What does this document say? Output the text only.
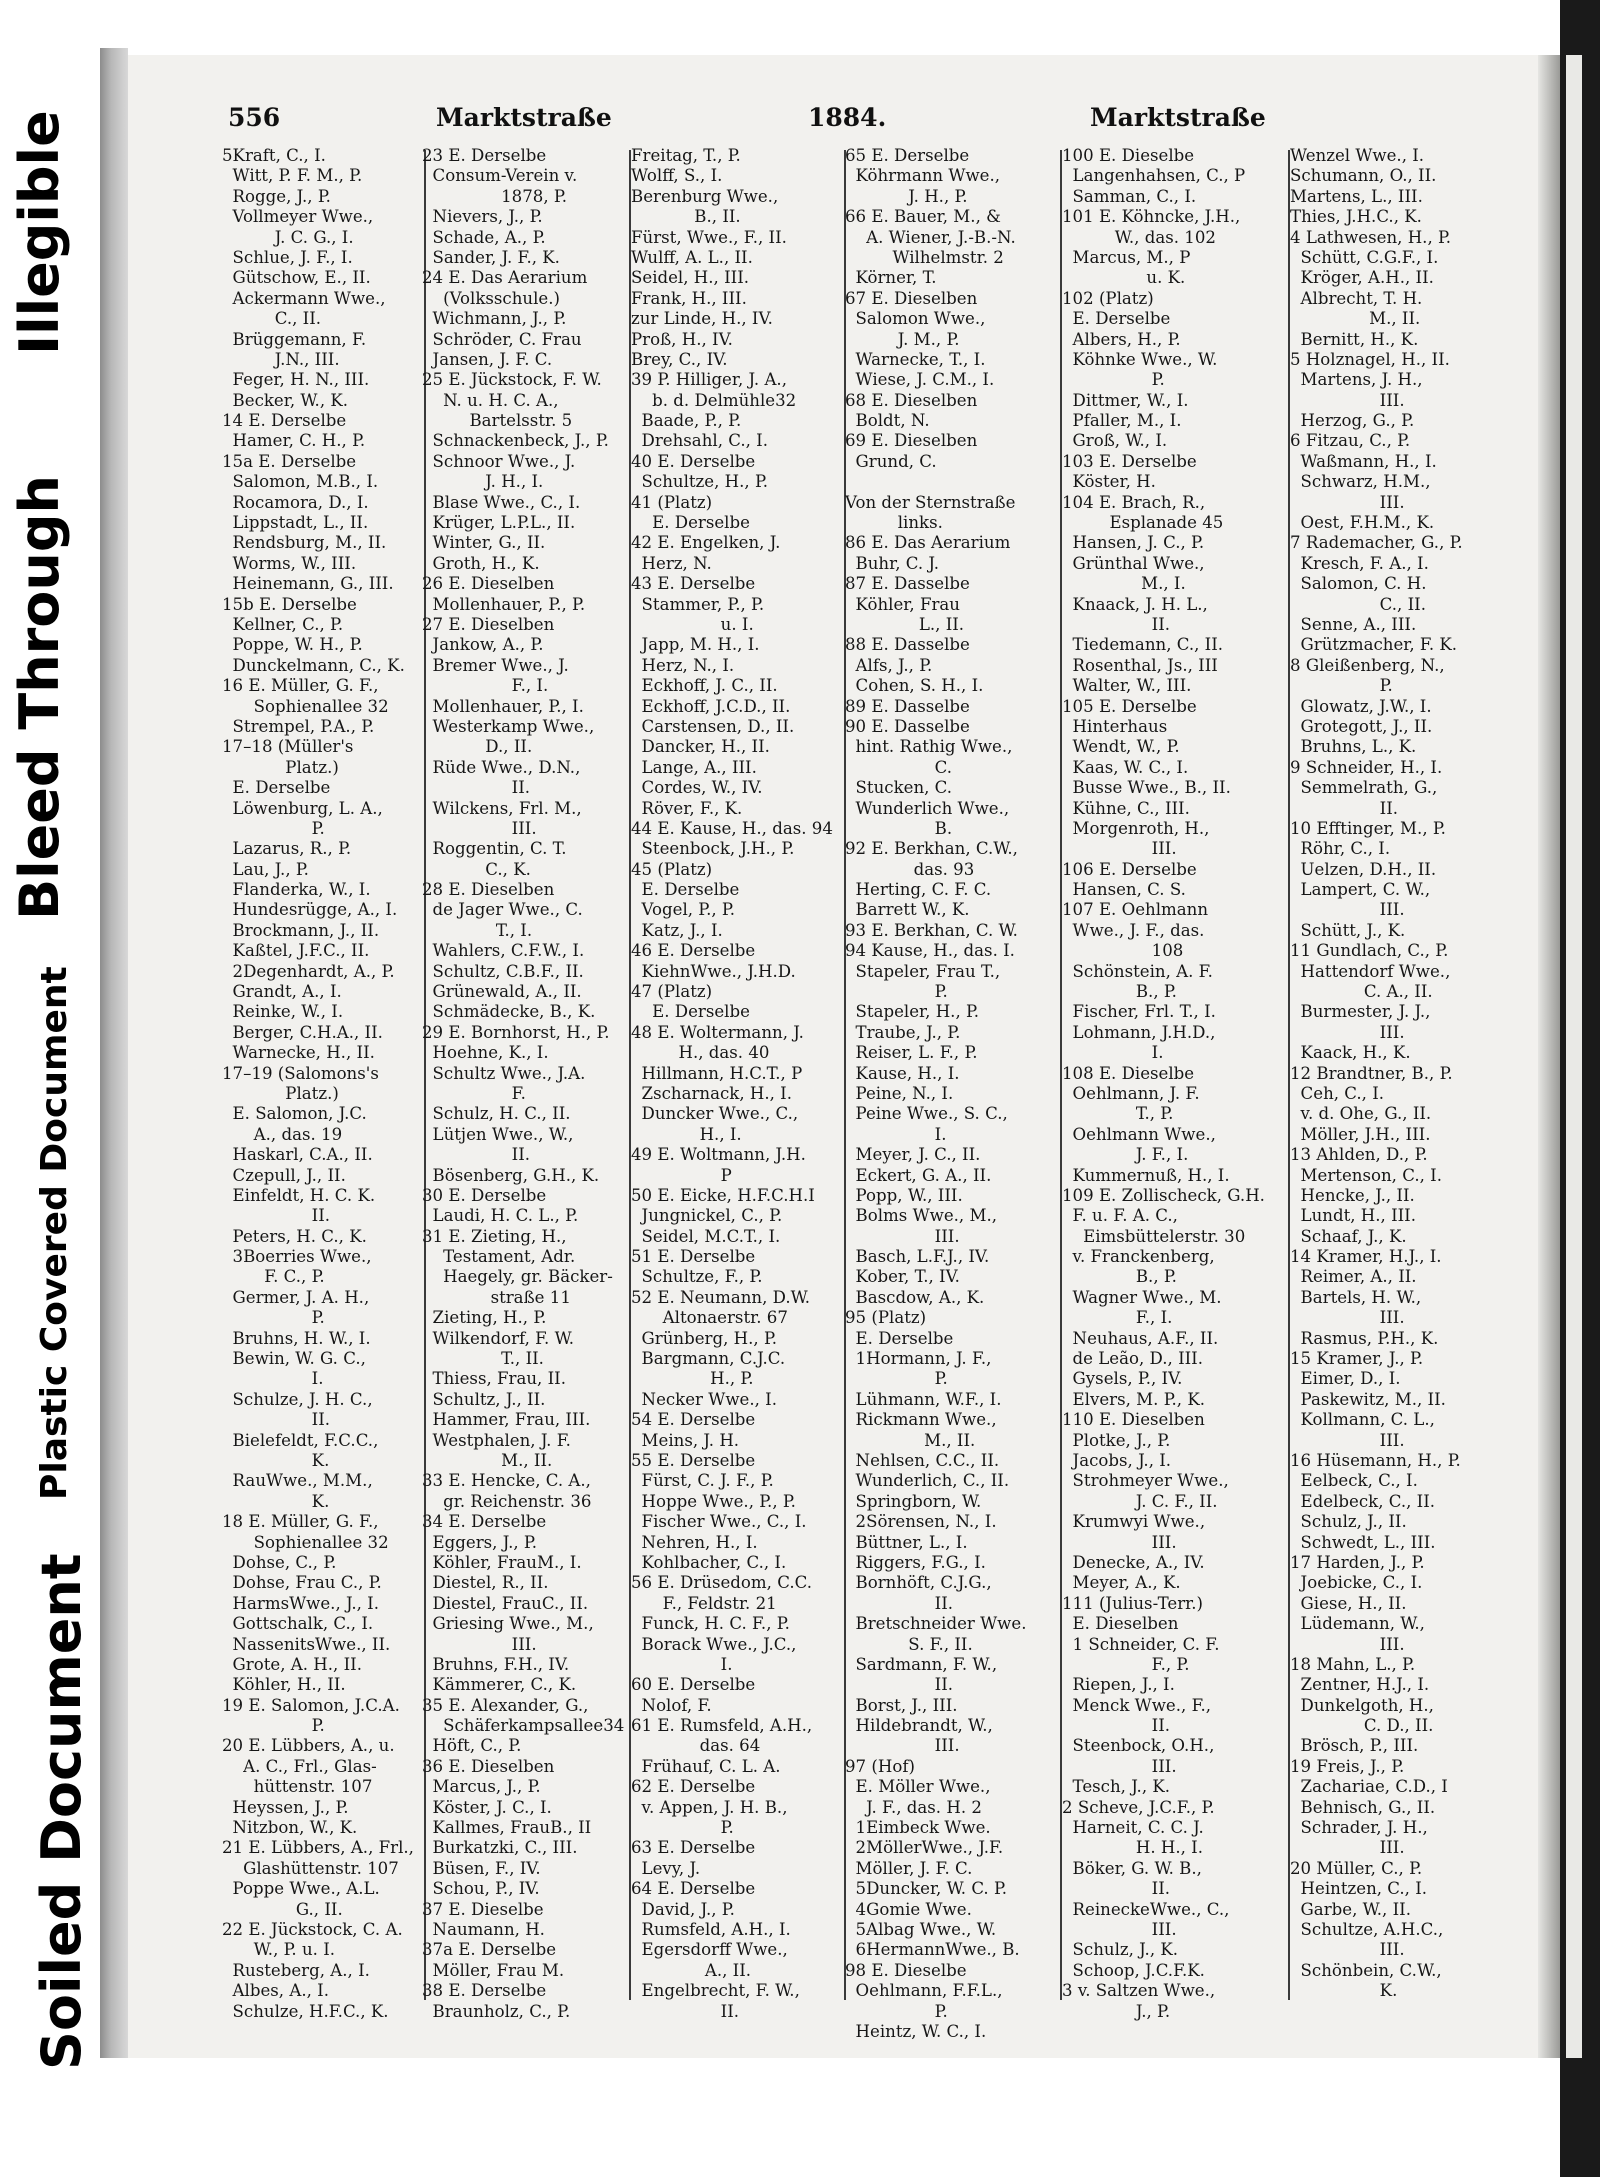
Illegible
Bleed Through
Plastic Covered Document
Soiled Document
556	Marktstraße	1884.	Marktstraße
5Kraft, C., I.
Witt, P. F. M., P.
Rogge, J., P.
Vollmeyer Wwe.,
J. C. G., I.
Schlue, J. F., I.
Gütschow, E., II.
Ackermann Wwe.,
C., II.
Brüggemann, F.
J.N., III.
Feger, H. N., III.
Becker, W., K.
14 E. Derselbe
Hamer, C. H., P.
15a E. Derselbe
Salomon, M.B., I.
Rocamora, D., I.
Lippstadt, L., II.
Rendsburg, M., II.
Worms, W., III.
Heinemann, G., III.
15b E. Derselbe
Kellner, C., P.
Poppe, W. H., P.
Dunckelmann, C., K.
16 E. Müller, G. F.,
Sophienallee 32
Strempel, P.A., P.
17–18 (Müller's
Platz.)
E. Derselbe
Löwenburg, L. A.,
P.
Lazarus, R., P.
Lau, J., P.
Flanderka, W., I.
Hundesrügge, A., I.
Brockmann, J., II.
Kaßtel, J.F.C., II.
2Degenhardt, A., P.
Grandt, A., I.
Reinke, W., I.
Berger, C.H.A., II.
Warnecke, H., II.
17–19 (Salomons's
Platz.)
E. Salomon, J.C.
A., das. 19
Haskarl, C.A., II.
Czepull, J., II.
Einfeldt, H. C. K.
II.
Peters, H. C., K.
3Boerries Wwe.,
F. C., P.
Germer, J. A. H.,
P.
Bruhns, H. W., I.
Bewin, W. G. C.,
I.
Schulze, J. H. C.,
II.
Bielefeldt, F.C.C.,
K.
RauWwe., M.M.,
K.
18 E. Müller, G. F.,
Sophienallee 32
Dohse, C., P.
Dohse, Frau C., P.
HarmsWwe., J., I.
Gottschalk, C., I.
NassenitsWwe., II.
Grote, A. H., II.
Köhler, H., II.
19 E. Salomon, J.C.A.
P.
20 E. Lübbers, A., u.
A. C., Frl., Glas-
hüttenstr. 107
Heyssen, J., P.
Nitzbon, W., K.
21 E. Lübbers, A., Frl.,
Glashüttenstr. 107
Poppe Wwe., A.L.
G., II.
22 E. Jückstock, C. A.
W., P. u. I.
Rusteberg, A., I.
Albes, A., I.
Schulze, H.F.C., K.
23 E. Derselbe
Consum-Verein v.
1878, P.
Nievers, J., P.
Schade, A., P.
Sander, J. F., K.
24 E. Das Aerarium
(Volksschule.)
Wichmann, J., P.
Schröder, C. Frau
Jansen, J. F. C.
25 E. Jückstock, F. W.
N. u. H. C. A.,
Bartelsstr. 5
Schnackenbeck, J., P.
Schnoor Wwe., J.
J. H., I.
Blase Wwe., C., I.
Krüger, L.P.L., II.
Winter, G., II.
Groth, H., K.
26 E. Dieselben
Mollenhauer, P., P.
27 E. Dieselben
Jankow, A., P.
Bremer Wwe., J.
F., I.
Mollenhauer, P., I.
Westerkamp Wwe.,
D., II.
Rüde Wwe., D.N.,
II.
Wilckens, Frl. M.,
III.
Roggentin, C. T.
C., K.
28 E. Dieselben
de Jager Wwe., C.
T., I.
Wahlers, C.F.W., I.
Schultz, C.B.F., II.
Grünewald, A., II.
Schmädecke, B., K.
29 E. Bornhorst, H., P.
Hoehne, K., I.
Schultz Wwe., J.A.
F.
Schulz, H. C., II.
Lütjen Wwe., W.,
II.
Bösenberg, G.H., K.
30 E. Derselbe
Laudi, H. C. L., P.
31 E. Zieting, H.,
Testament, Adr.
Haegely, gr. Bäcker-
straße 11
Zieting, H., P.
Wilkendorf, F. W.
T., II.
Thiess, Frau, II.
Schultz, J., II.
Hammer, Frau, III.
Westphalen, J. F.
M., II.
33 E. Hencke, C. A.,
gr. Reichenstr. 36
34 E. Derselbe
Eggers, J., P.
Köhler, FrauM., I.
Diestel, R., II.
Diestel, FrauC., II.
Griesing Wwe., M.,
III.
Bruhns, F.H., IV.
Kämmerer, C., K.
35 E. Alexander, G.,
Schäferkampsallee34
Höft, C., P.
36 E. Dieselben
Marcus, J., P.
Köster, J. C., I.
Kallmes, FrauB., II
Burkatzki, C., III.
Büsen, F., IV.
Schou, P., IV.
37 E. Dieselbe
Naumann, H.
37a E. Derselbe
Möller, Frau M.
38 E. Derselbe
Braunholz, C., P.
Freitag, T., P.
Wolff, S., I.
Berenburg Wwe.,
B., II.
Fürst, Wwe., F., II.
Wulff, A. L., II.
Seidel, H., III.
Frank, H., III.
zur Linde, H., IV.
Proß, H., IV.
Brey, C., IV.
39 P. Hilliger, J. A.,
b. d. Delmühle32
Baade, P., P.
Drehsahl, C., I.
40 E. Derselbe
Schultze, H., P.
41 (Platz)
E. Derselbe
42 E. Engelken, J.
Herz, N.
43 E. Derselbe
Stammer, P., P.
u. I.
Japp, M. H., I.
Herz, N., I.
Eckhoff, J. C., II.
Eckhoff, J.C.D., II.
Carstensen, D., II.
Dancker, H., II.
Lange, A., III.
Cordes, W., IV.
Röver, F., K.
44 E. Kause, H., das. 94
Steenbock, J.H., P.
45 (Platz)
E. Derselbe
Vogel, P., P.
Katz, J., I.
46 E. Derselbe
KiehnWwe., J.H.D.
47 (Platz)
E. Derselbe
48 E. Woltermann, J.
H., das. 40
Hillmann, H.C.T., P
Zscharnack, H., I.
Duncker Wwe., C.,
H., I.
49 E. Woltmann, J.H.
P
50 E. Eicke, H.F.C.H.I
Jungnickel, C., P.
Seidel, M.C.T., I.
51 E. Derselbe
Schultze, F., P.
52 E. Neumann, D.W.
Altonaerstr. 67
Grünberg, H., P.
Bargmann, C.J.C.
H., P.
Necker Wwe., I.
54 E. Derselbe
Meins, J. H.
55 E. Derselbe
Fürst, C. J. F., P.
Hoppe Wwe., P., P.
Fischer Wwe., C., I.
Nehren, H., I.
Kohlbacher, C., I.
56 E. Drüsedom, C.C.
F., Feldstr. 21
Funck, H. C. F., P.
Borack Wwe., J.C.,
I.
60 E. Derselbe
Nolof, F.
61 E. Rumsfeld, A.H.,
das. 64
Frühauf, C. L. A.
62 E. Derselbe
v. Appen, J. H. B.,
P.
63 E. Derselbe
Levy, J.
64 E. Derselbe
David, J., P.
Rumsfeld, A.H., I.
Egersdorff Wwe.,
A., II.
Engelbrecht, F. W.,
II.
65 E. Derselbe
Köhrmann Wwe.,
J. H., P.
66 E. Bauer, M., &
A. Wiener, J.-B.-N.
Wilhelmstr. 2
Körner, T.
67 E. Dieselben
Salomon Wwe.,
J. M., P.
Warnecke, T., I.
Wiese, J. C.M., I.
68 E. Dieselben
Boldt, N.
69 E. Dieselben
Grund, C.
Von der Sternstraße
links.
86 E. Das Aerarium
Buhr, C. J.
87 E. Dasselbe
Köhler, Frau
L., II.
88 E. Dasselbe
Alfs, J., P.
Cohen, S. H., I.
89 E. Dasselbe
90 E. Dasselbe
hint. Rathig Wwe.,
C.
Stucken, C.
Wunderlich Wwe.,
B.
92 E. Berkhan, C.W.,
das. 93
Herting, C. F. C.
Barrett W., K.
93 E. Berkhan, C. W.
94 Kause, H., das. I.
Stapeler, Frau T.,
P.
Stapeler, H., P.
Traube, J., P.
Reiser, L. F., P.
Kause, H., I.
Peine, N., I.
Peine Wwe., S. C.,
I.
Meyer, J. C., II.
Eckert, G. A., II.
Popp, W., III.
Bolms Wwe., M.,
III.
Basch, L.F.J., IV.
Kober, T., IV.
Bascdow, A., K.
95 (Platz)
E. Derselbe
1Hormann, J. F.,
P.
Lühmann, W.F., I.
Rickmann Wwe.,
M., II.
Nehlsen, C.C., II.
Wunderlich, C., II.
Springborn, W.
2Sörensen, N., I.
Büttner, L., I.
Riggers, F.G., I.
Bornhöft, C.J.G.,
II.
Bretschneider Wwe.
S. F., II.
Sardmann, F. W.,
II.
Borst, J., III.
Hildebrandt, W.,
III.
97 (Hof)
E. Möller Wwe.,
J. F., das. H. 2
1Eimbeck Wwe.
2MöllerWwe., J.F.
Möller, J. F. C.
5Duncker, W. C. P.
4Gomie Wwe.
5Albag Wwe., W.
6HermannWwe., B.
98 E. Dieselbe
Oehlmann, F.F.L.,
P.
Heintz, W. C., I.
100 E. Dieselbe
Langenhahsen, C., P
Samman, C., I.
101 E. Köhncke, J.H.,
W., das. 102
Marcus, M., P
u. K.
102 (Platz)
E. Derselbe
Albers, H., P.
Köhnke Wwe., W.
P.
Dittmer, W., I.
Pfaller, M., I.
Groß, W., I.
103 E. Derselbe
Köster, H.
104 E. Brach, R.,
Esplanade 45
Hansen, J. C., P.
Grünthal Wwe.,
M., I.
Knaack, J. H. L.,
II.
Tiedemann, C., II.
Rosenthal, Js., III
Walter, W., III.
105 E. Derselbe
Hinterhaus
Wendt, W., P.
Kaas, W. C., I.
Busse Wwe., B., II.
Kühne, C., III.
Morgenroth, H.,
III.
106 E. Derselbe
Hansen, C. S.
107 E. Oehlmann
Wwe., J. F., das.
108
Schönstein, A. F.
B., P.
Fischer, Frl. T., I.
Lohmann, J.H.D.,
I.
108 E. Dieselbe
Oehlmann, J. F.
T., P.
Oehlmann Wwe.,
J. F., I.
Kummernuß, H., I.
109 E. Zollischeck, G.H.
F. u. F. A. C.,
Eimsbüttelerstr. 30
v. Franckenberg,
B., P.
Wagner Wwe., M.
F., I.
Neuhaus, A.F., II.
de Leão, D., III.
Gysels, P., IV.
Elvers, M. P., K.
110 E. Dieselben
Plotke, J., P.
Jacobs, J., I.
Strohmeyer Wwe.,
J. C. F., II.
Krumwyi Wwe.,
III.
Denecke, A., IV.
Meyer, A., K.
111 (Julius-Terr.)
E. Dieselben
1 Schneider, C. F.
F., P.
Riepen, J., I.
Menck Wwe., F.,
II.
Steenbock, O.H.,
III.
Tesch, J., K.
2 Scheve, J.C.F., P.
Harneit, C. C. J.
H. H., I.
Böker, G. W. B.,
II.
ReineckeWwe., C.,
III.
Schulz, J., K.
Schoop, J.C.F.K.
3 v. Saltzen Wwe.,
J., P.
Wenzel Wwe., I.
Schumann, O., II.
Martens, L., III.
Thies, J.H.C., K.
4 Lathwesen, H., P.
Schütt, C.G.F., I.
Kröger, A.H., II.
Albrecht, T. H.
M., II.
Bernitt, H., K.
5 Holznagel, H., II.
Martens, J. H.,
III.
Herzog, G., P.
6 Fitzau, C., P.
Waßmann, H., I.
Schwarz, H.M.,
III.
Oest, F.H.M., K.
7 Rademacher, G., P.
Kresch, F. A., I.
Salomon, C. H.
C., II.
Senne, A., III.
Grützmacher, F. K.
8 Gleißenberg, N.,
P.
Glowatz, J.W., I.
Grotegott, J., II.
Bruhns, L., K.
9 Schneider, H., I.
Semmelrath, G.,
II.
10 Efftinger, M., P.
Röhr, C., I.
Uelzen, D.H., II.
Lampert, C. W.,
III.
Schütt, J., K.
11 Gundlach, C., P.
Hattendorf Wwe.,
C. A., II.
Burmester, J. J.,
III.
Kaack, H., K.
12 Brandtner, B., P.
Ceh, C., I.
v. d. Ohe, G., II.
Möller, J.H., III.
13 Ahlden, D., P.
Mertenson, C., I.
Hencke, J., II.
Lundt, H., III.
Schaaf, J., K.
14 Kramer, H.J., I.
Reimer, A., II.
Bartels, H. W.,
III.
Rasmus, P.H., K.
15 Kramer, J., P.
Eimer, D., I.
Paskewitz, M., II.
Kollmann, C. L.,
III.
16 Hüsemann, H., P.
Eelbeck, C., I.
Edelbeck, C., II.
Schulz, J., II.
Schwedt, L., III.
17 Harden, J., P.
Joebicke, C., I.
Giese, H., II.
Lüdemann, W.,
III.
18 Mahn, L., P.
Zentner, H.J., I.
Dunkelgoth, H.,
C. D., II.
Brösch, P., III.
19 Freis, J., P.
Zachariae, C.D., I
Behnisch, G., II.
Schrader, J. H.,
III.
20 Müller, C., P.
Heintzen, C., I.
Garbe, W., II.
Schultze, A.H.C.,
III.
Schönbein, C.W.,
K.
